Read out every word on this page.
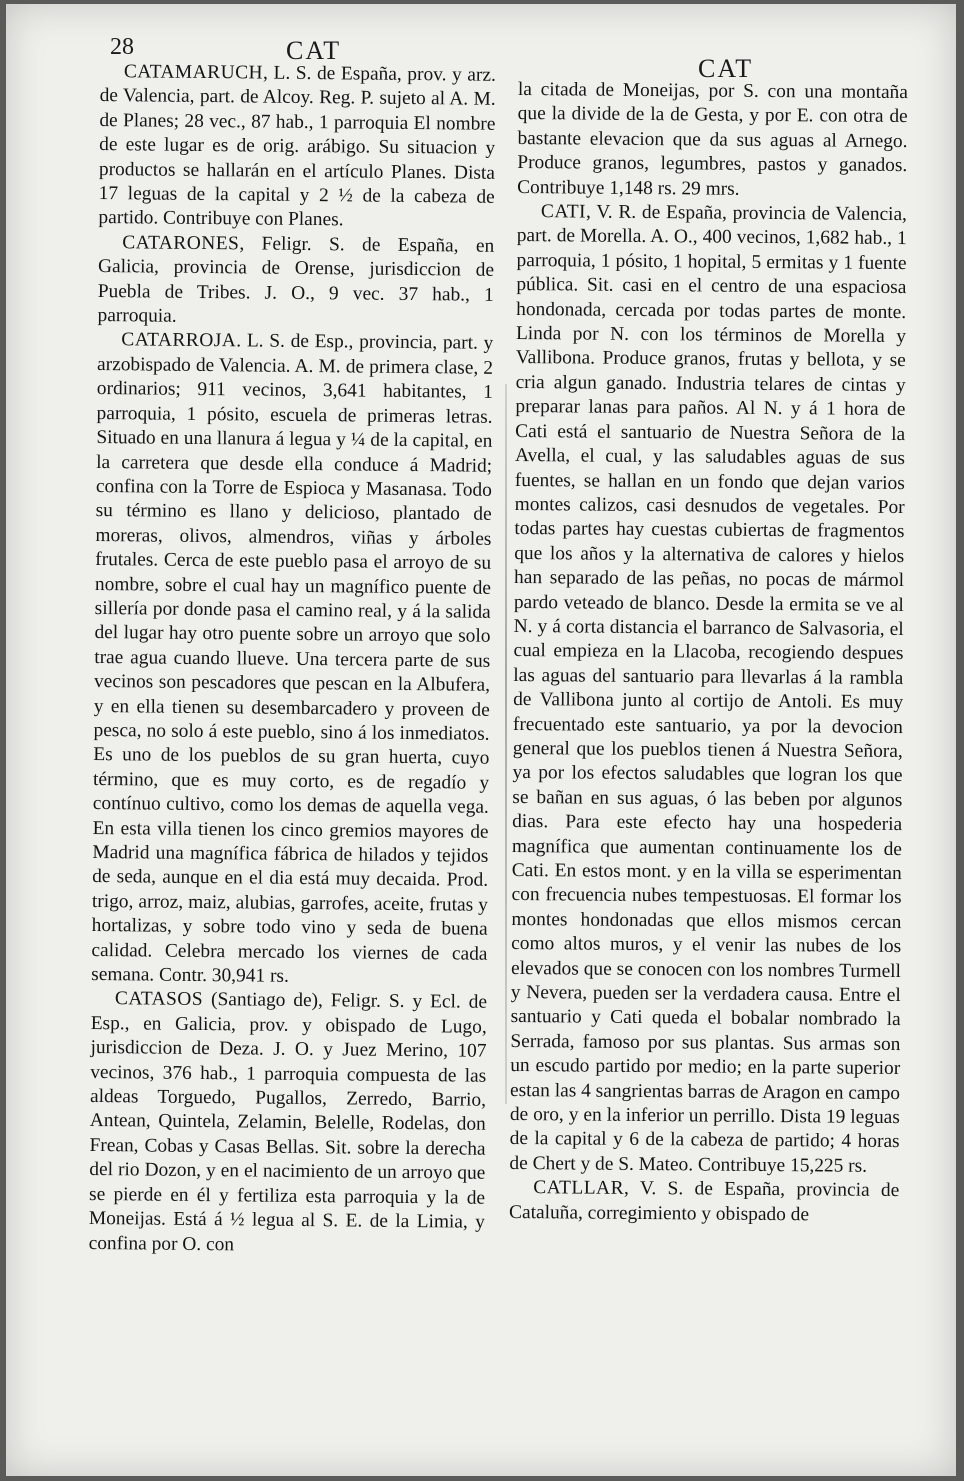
28	CAT
CAT

CATAMARUCH, L. S. de España, prov. y arz. de Valencia, part. de Alcoy. Reg. P. sujeto al A. M. de Planes; 28 vec., 87 hab., 1 parroquia El nombre de este lugar es de orig. arábigo. Su situacion y productos se hallarán en el artículo Planes. Dista 17 leguas de la capital y 2 ½ de la cabeza de partido. Contribuye con Planes.

CATARONES, Feligr. S. de España, en Galicia, provincia de Orense, jurisdiccion de Puebla de Tribes. J. O., 9 vec. 37 hab., 1 parroquia.

CATARROJA. L. S. de Esp., provincia, part. y arzobispado de Valencia. A. M. de primera clase, 2 ordinarios; 911 vecinos, 3,641 habitantes, 1 parroquia, 1 pósito, escuela de primeras letras. Situado en una llanura á legua y ¼ de la capital, en la carretera que desde ella conduce á Madrid; confina con la Torre de Espioca y Masanasa. Todo su término es llano y delicioso, plantado de moreras, olivos, almendros, viñas y árboles frutales. Cerca de este pueblo pasa el arroyo de su nombre, sobre el cual hay un magnífico puente de sillería por donde pasa el camino real, y á la salida del lugar hay otro puente sobre un arroyo que solo trae agua cuando llueve. Una tercera parte de sus vecinos son pescadores que pescan en la Albufera, y en ella tienen su desembarcadero y proveen de pesca, no solo á este pueblo, sino á los inmediatos. Es uno de los pueblos de su gran huerta, cuyo término, que es muy corto, es de regadío y contínuo cultivo, como los demas de aquella vega. En esta villa tienen los cinco gremios mayores de Madrid una magnífica fábrica de hilados y tejidos de seda, aunque en el dia está muy decaida. Prod. trigo, arroz, maiz, alubias, garrofes, aceite, frutas y hortalizas, y sobre todo vino y seda de buena calidad. Celebra mercado los viernes de cada semana. Contr. 30,941 rs.

CATASOS (Santiago de), Feligr. S. y Ecl. de Esp., en Galicia, prov. y obispado de Lugo, jurisdiccion de Deza. J. O. y Juez Merino, 107 vecinos, 376 hab., 1 parroquia compuesta de las aldeas Torguedo, Pugallos, Zerredo, Barrio, Antean, Quintela, Zelamin, Belelle, Rodelas, don Frean, Cobas y Casas Bellas. Sit. sobre la derecha del rio Dozon, y en el nacimiento de un arroyo que se pierde en él y fertiliza esta parroquia y la de Moneijas. Está á ½ legua al S. E. de la Limia, y confina por O. con

la citada de Moneijas, por S. con una montaña que la divide de la de Gesta, y por E. con otra de bastante elevacion que da sus aguas al Arnego. Produce granos, legumbres, pastos y ganados. Contribuye 1,148 rs. 29 mrs.

CATI, V. R. de España, provincia de Valencia, part. de Morella. A. O., 400 vecinos, 1,682 hab., 1 parroquia, 1 pósito, 1 hopital, 5 ermitas y 1 fuente pública. Sit. casi en el centro de una espaciosa hondonada, cercada por todas partes de monte. Linda por N. con los términos de Morella y Vallibona. Produce granos, frutas y bellota, y se cria algun ganado. Industria telares de cintas y preparar lanas para paños. Al N. y á 1 hora de Cati está el santuario de Nuestra Señora de la Avella, el cual, y las saludables aguas de sus fuentes, se hallan en un fondo que dejan varios montes calizos, casi desnudos de vegetales. Por todas partes hay cuestas cubiertas de fragmentos que los años y la alternativa de calores y hielos han separado de las peñas, no pocas de mármol pardo veteado de blanco. Desde la ermita se ve al N. y á corta distancia el barranco de Salvasoria, el cual empieza en la Llacoba, recogiendo despues las aguas del santuario para llevarlas á la rambla de Vallibona junto al cortijo de Antoli. Es muy frecuentado este santuario, ya por la devocion general que los pueblos tienen á Nuestra Señora, ya por los efectos saludables que logran los que se bañan en sus aguas, ó las beben por algunos dias. Para este efecto hay una hospederia magnífica que aumentan continuamente los de Cati. En estos mont. y en la villa se esperimentan con frecuencia nubes tempestuosas. El formar los montes hondonadas que ellos mismos cercan como altos muros, y el venir las nubes de los elevados que se conocen con los nombres Turmell y Nevera, pueden ser la verdadera causa. Entre el santuario y Cati queda el bobalar nombrado la Serrada, famoso por sus plantas. Sus armas son un escudo partido por medio; en la parte superior estan las 4 sangrientas barras de Aragon en campo de oro, y en la inferior un perrillo. Dista 19 leguas de la capital y 6 de la cabeza de partido; 4 horas de Chert y de S. Mateo. Contribuye 15,225 rs.

CATLLAR, V. S. de España, provincia de Cataluña, corregimiento y obispado de
